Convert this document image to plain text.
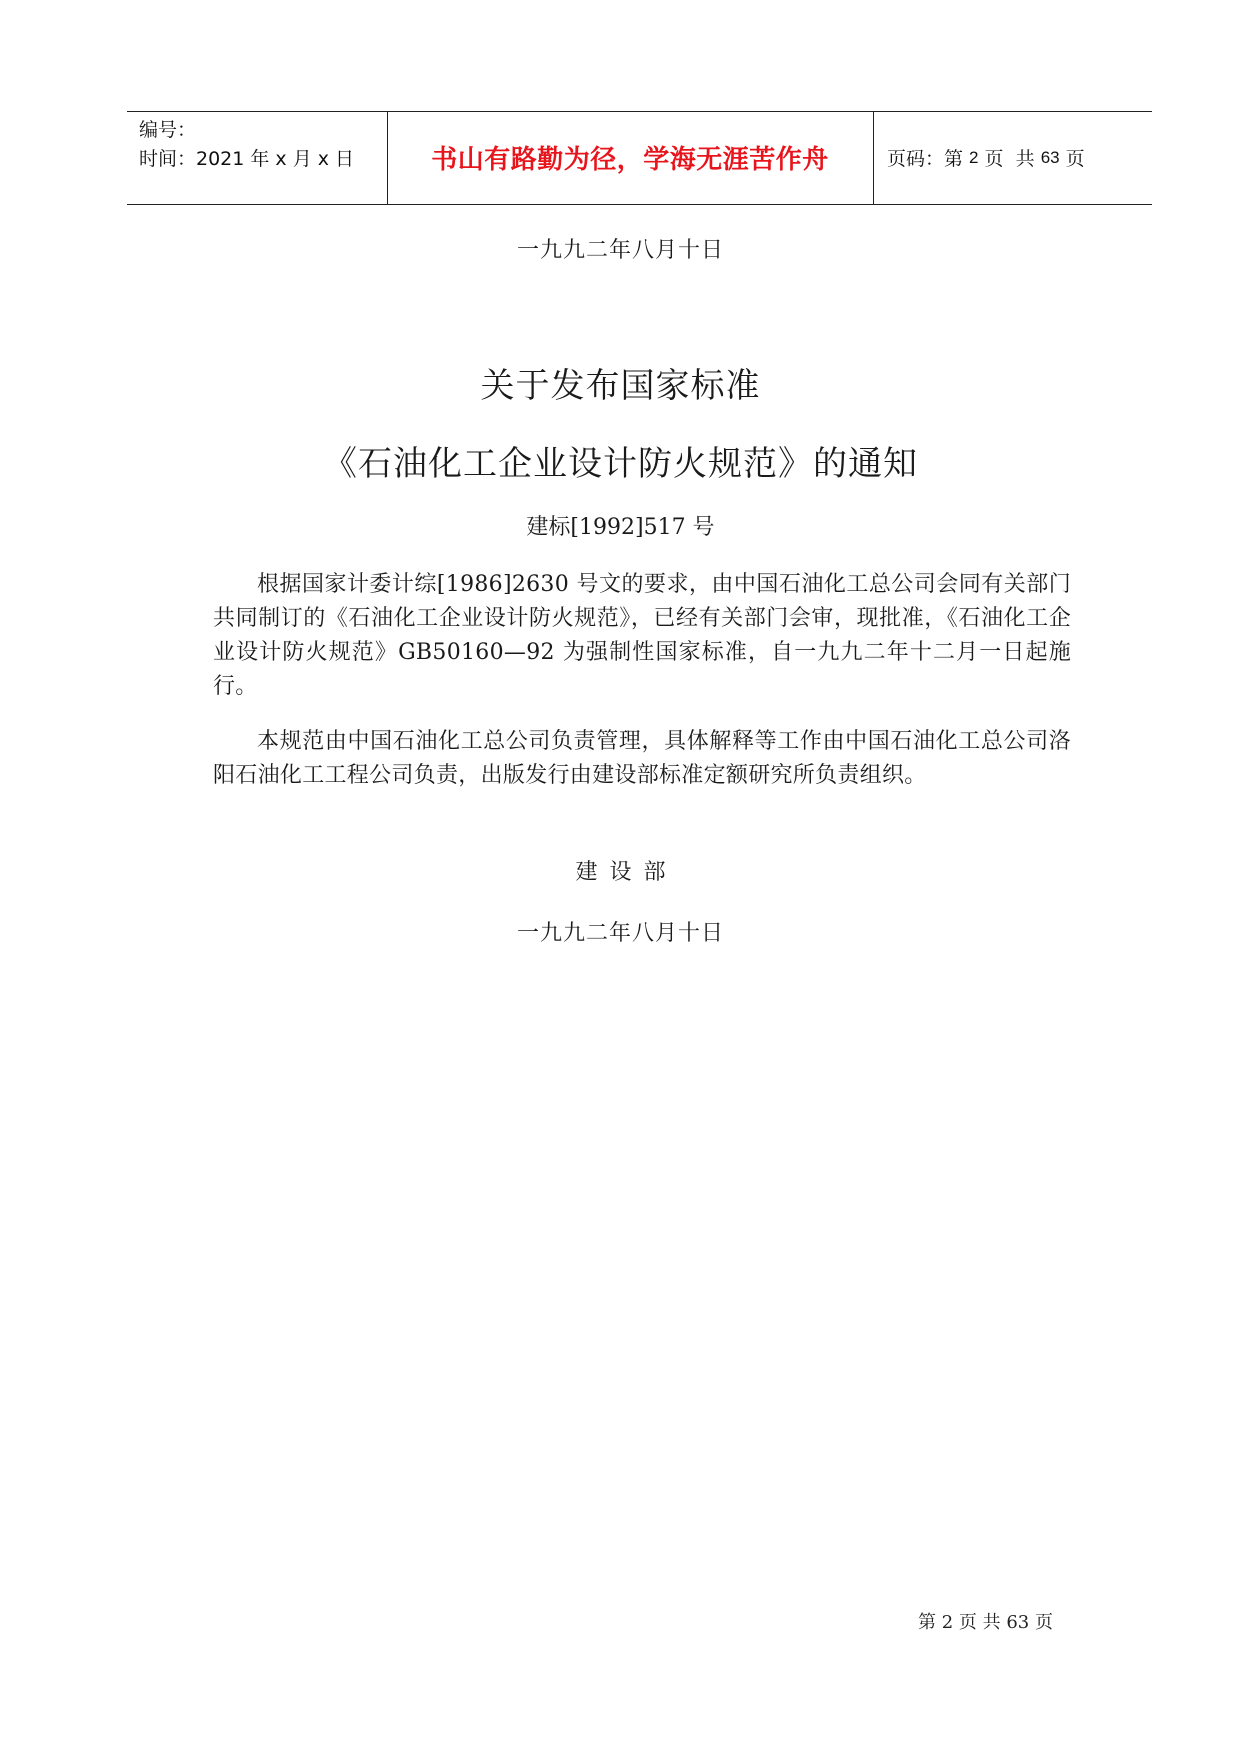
编号：
时间：2021 年 x 月 x 日	书山有路勤为径，学海无涯苦作舟	页码：第 2 页  共 63 页
一九九二年八月十日
关于发布国家标准
《石油化工企业设计防火规范》的通知
建标[1992]517 号
根据国家计委计综[1986]2630 号文的要求，由中国石油化工总公司会同有关部门共同制订的《石油化工企业设计防火规范》，已经有关部门会审，现批准，《石油化工企业设计防火规范》GB50160—92 为强制性国家标准，自一九九二年十二月一日起施行。
本规范由中国石油化工总公司负责管理，具体解释等工作由中国石油化工总公司洛阳石油化工工程公司负责，出版发行由建设部标准定额研究所负责组织。
建设部
一九九二年八月十日
第 2 页 共 63 页
